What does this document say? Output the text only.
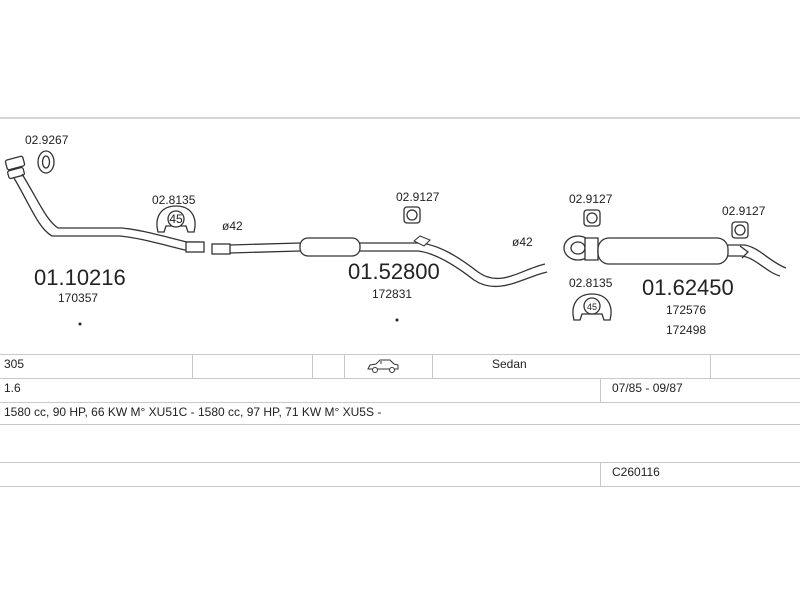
02.9267
45
02.8135
ø42
02.9127
ø42
02.9127
02.9127
45
02.8135
01.10216
170357
01.52800
172831	01.62450
172576
172498
305	Sedan
1.6	07/85 - 09/87
1580 cc, 90 HP, 66 KW M° XU51C - 1580 cc, 97 HP, 71 KW M° XU5S -
C260116
